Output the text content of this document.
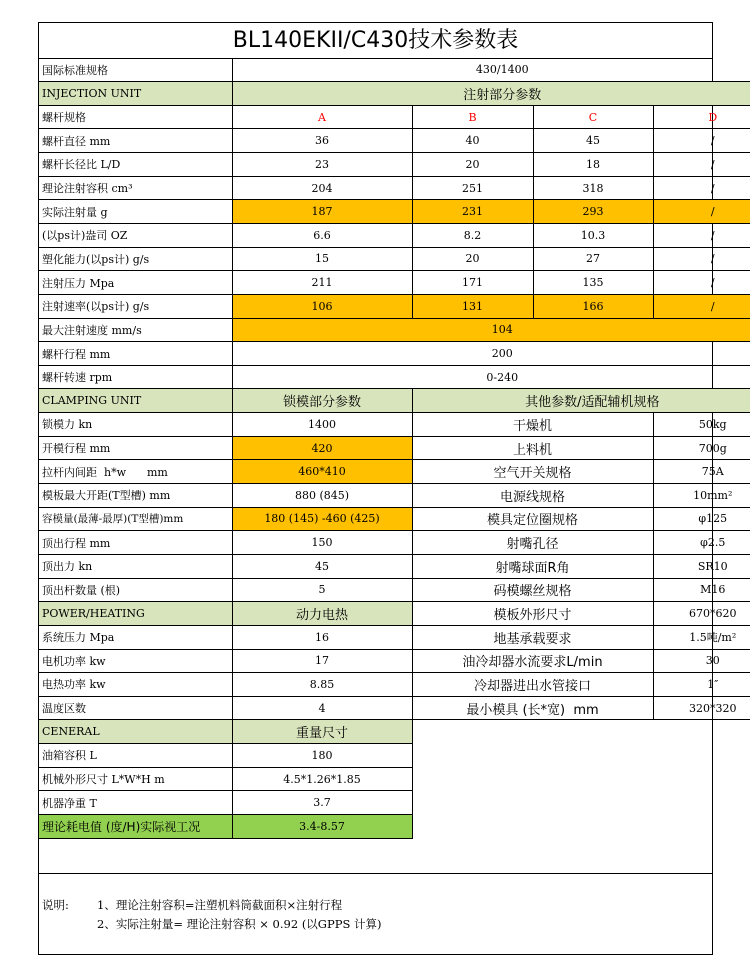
BL140EKII/C430技术参数表
国际标准规格	430/1400			
INJECTION UNIT	注射部分参数			
螺杆规格	A	B	C	D
螺杆直径 mm	36	40	45	/
螺杆长径比 L/D	23	20	18	/
理论注射容积 cm³	204	251	318	/
实际注射量 g	187	231	293	/
(以ps计)盎司 OZ	6.6	8.2	10.3	/
塑化能力(以ps计) g/s	15	20	27	/
注射压力 Mpa	211	171	135	/
注射速率(以ps计) g/s	106	131	166	/
最大注射速度 mm/s	104			
螺杆行程 mm	200			
螺杆转速 rpm	0-240			
CLAMPING UNIT	锁模部分参数	其他参数/适配辅机规格		
锁模力 kn	1400	干燥机		50kg
开模行程 mm	420	上料机		700g
拉杆内间距  h*w      mm	460*410	空气开关规格		75A
模板最大开距(T型槽) mm	880 (845)	电源线规格		10mm²
容模量(最薄-最厚)(T型槽)mm	180 (145) -460 (425)	模具定位圈规格		φ125
顶出行程 mm	150	射嘴孔径		φ2.5
顶出力 kn	45	射嘴球面R角		SR10
顶出杆数量 (根)	5	码模螺丝规格		M16
POWER/HEATING	动力电热	模板外形尺寸		670*620
系统压力 Mpa	16	地基承载要求		1.5吨/m²
电机功率 kw	17	油冷却器水流要求L/min		30
电热功率 kw	8.85	冷却器进出水管接口		1″
温度区数	4	最小模具 (长*宽)  mm		320*320
CENERAL	重量尺寸			
油箱容积 L	180			
机械外形尺寸 L*W*H m	4.5*1.26*1.85			
机器净重 T	3.7			
理论耗电值 (度/H)实际视工况	3.4-8.57			
说明: 1、理论注射容积=注塑机料筒截面积×注射行程
2、实际注射量= 理论注射容积 × 0.92 (以GPPS 计算)
